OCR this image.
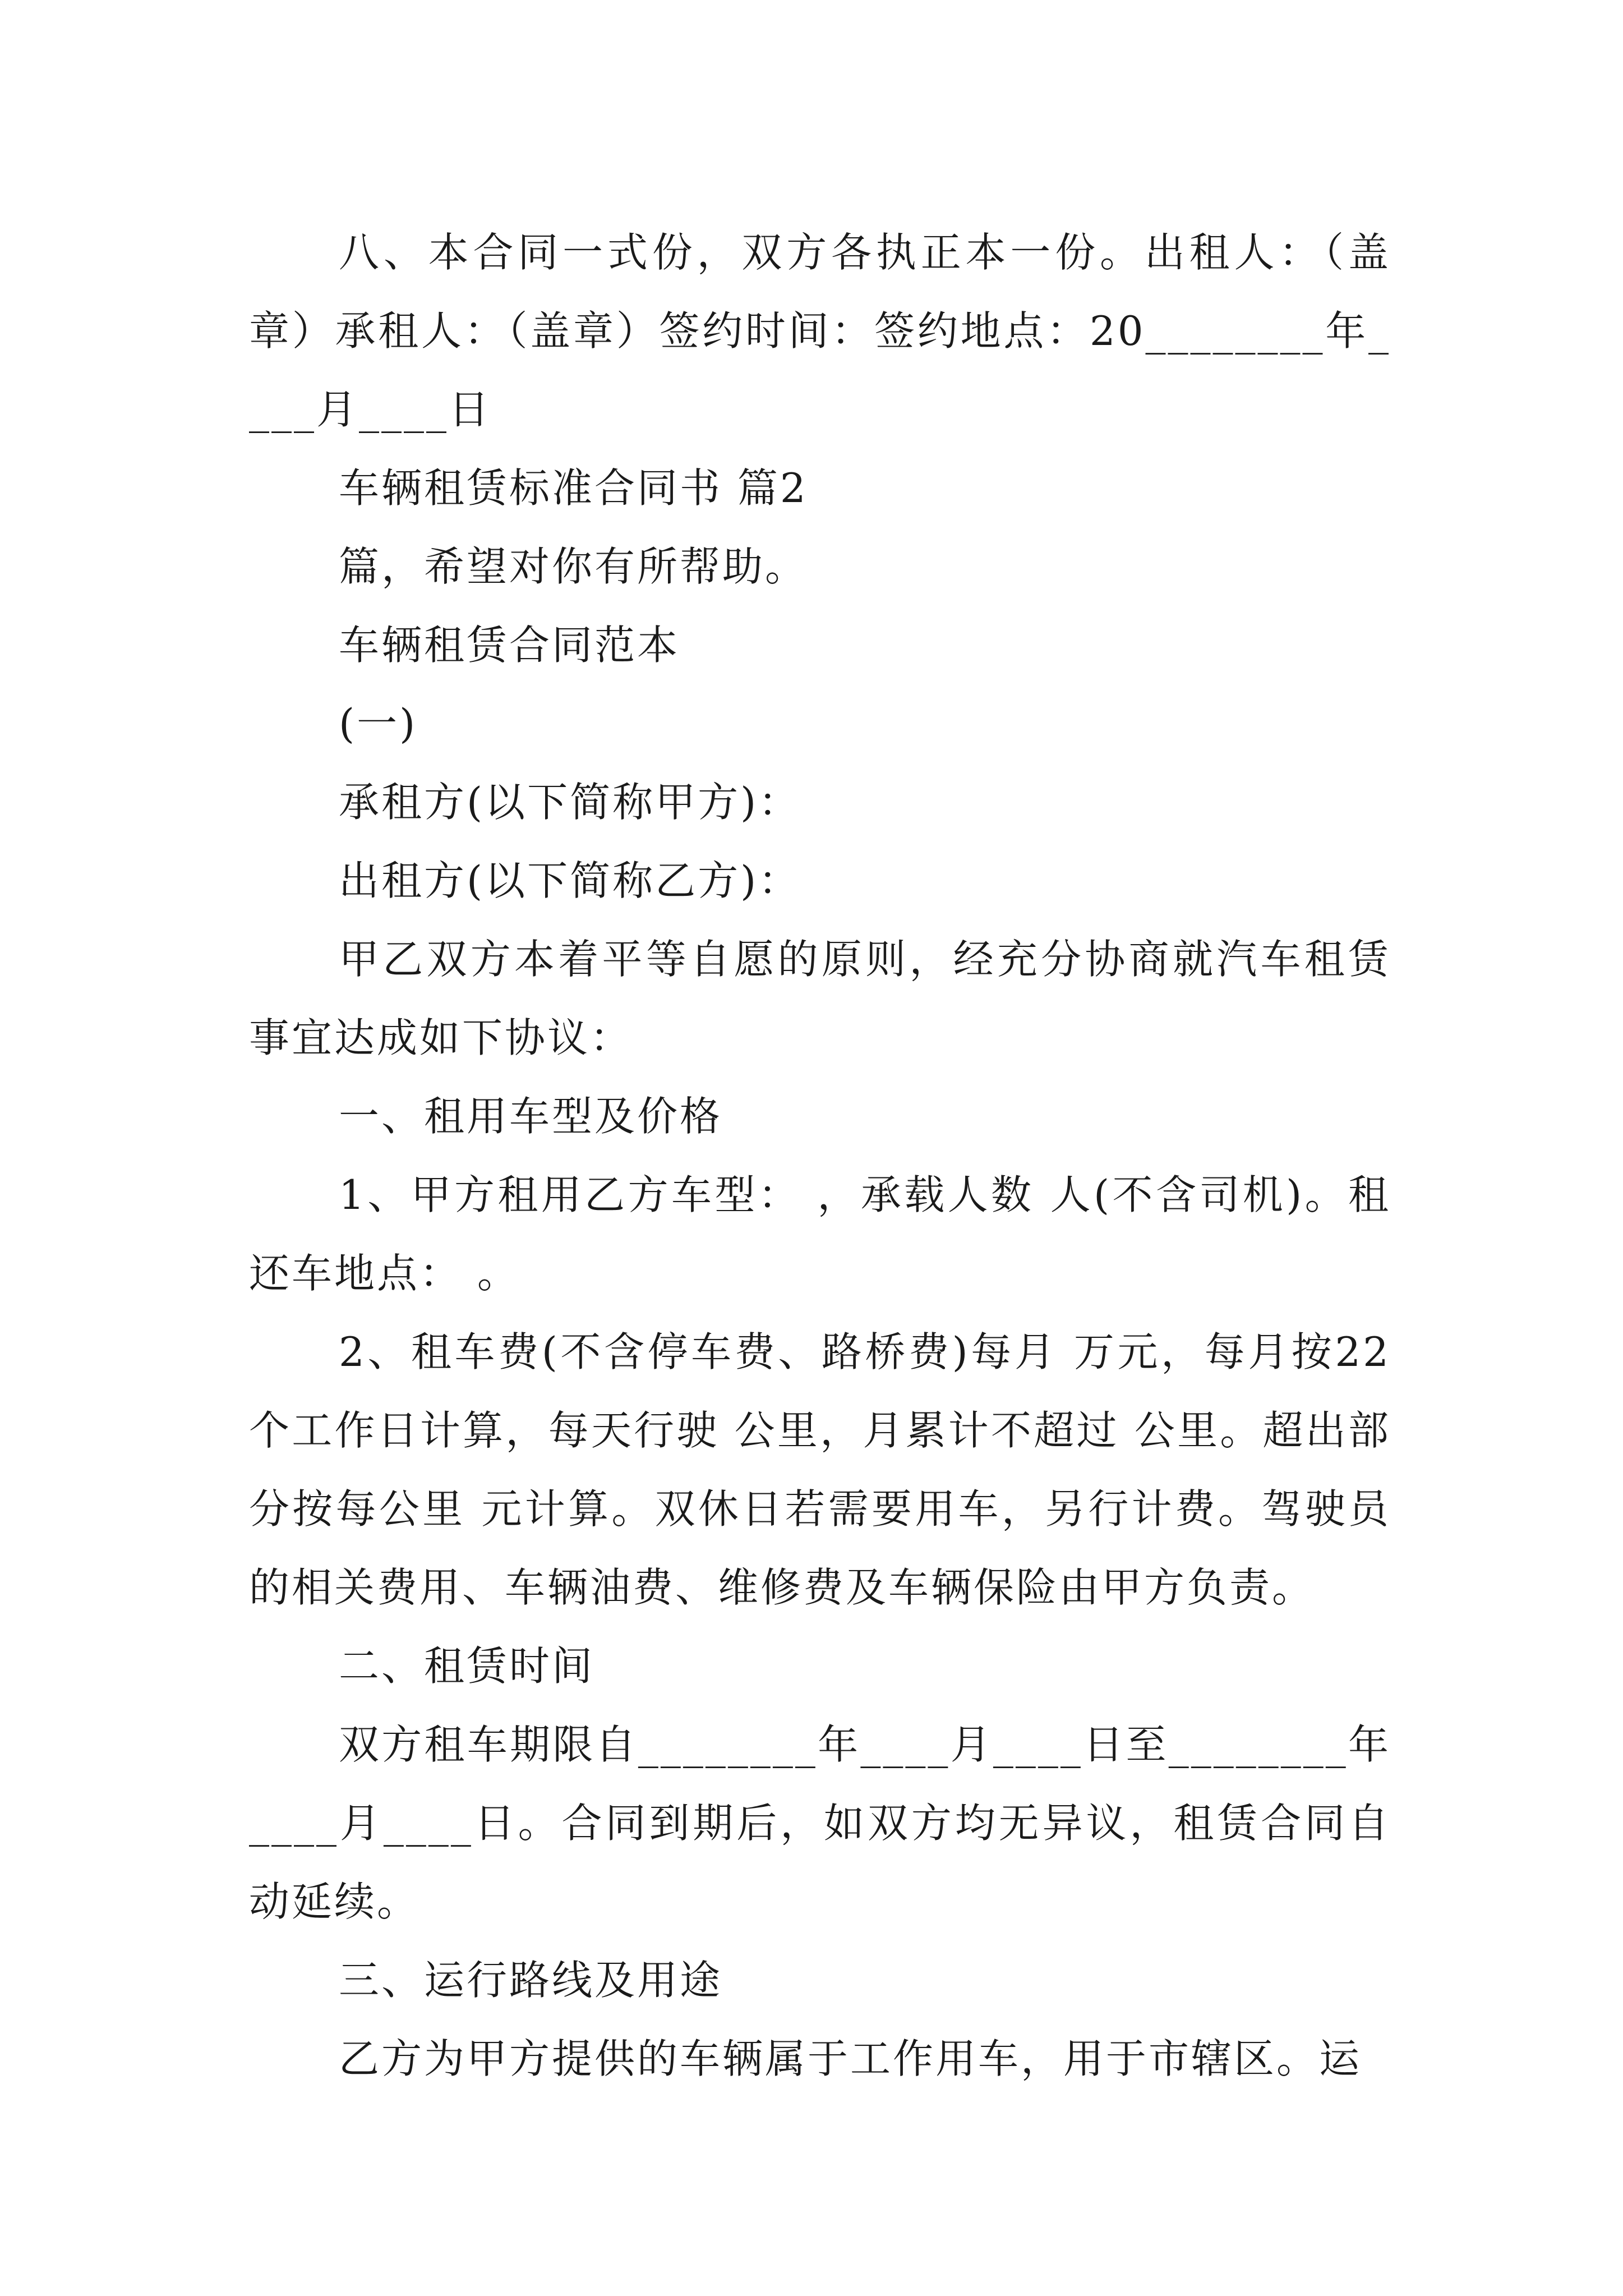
八、本合同一式份，双方各执正本一份。出租人：（盖章）承租人：（盖章）签约时间：签约地点：20________年____月____日

车辆租赁标准合同书 篇2

篇，希望对你有所帮助。

车辆租赁合同范本

(一)

承租方(以下简称甲方)：

出租方(以下简称乙方)：

甲乙双方本着平等自愿的原则，经充分协商就汽车租赁事宜达成如下协议：

一、租用车型及价格

1、甲方租用乙方车型： ，承载人数 人(不含司机)。租还车地点： 。

2、租车费(不含停车费、路桥费)每月 万元，每月按22个工作日计算，每天行驶 公里，月累计不超过 公里。超出部分按每公里 元计算。双休日若需要用车，另行计费。驾驶员的相关费用、车辆油费、维修费及车辆保险由甲方负责。

二、租赁时间

双方租车期限自________年____月____日至________年____月____日。合同到期后，如双方均无异议，租赁合同自动延续。

三、运行路线及用途

乙方为甲方提供的车辆属于工作用车，用于市辖区。运
